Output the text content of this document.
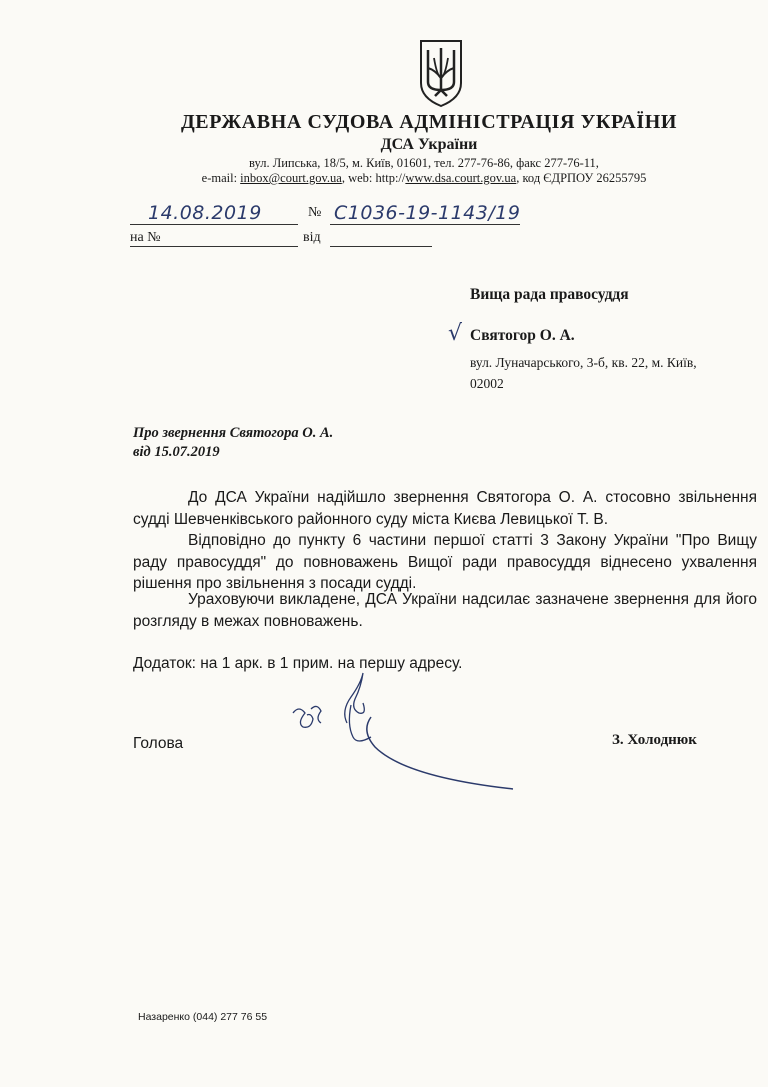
ДЕРЖАВНА СУДОВА АДМІНІСТРАЦІЯ УКРАЇНИ
ДСА України
вул. Липська, 18/5, м. Київ, 01601, тел. 277-76-86, факс 277-76-11,
e-mail: inbox@court.gov.ua, web: http://www.dsa.court.gov.ua, код ЄДРПОУ 26255795
14.08.2019	№ С1036-19-1143/19
на №	від
Вища рада правосуддя
√ Святогор О. А.
вул. Луначарського, 3-б, кв. 22, м. Київ,
02002
Про звернення Святогора О. А.
від 15.07.2019
До ДСА України надійшло звернення Святогора О. А. стосовно звільнення судді Шевченківського районного суду міста Києва Левицької Т. В.
Відповідно до пункту 6 частини першої статті 3 Закону України "Про Вищу раду правосуддя" до повноважень Вищої ради правосуддя віднесено ухвалення рішення про звільнення з посади судді.
Ураховуючи викладене, ДСА України надсилає зазначене звернення для його розгляду в межах повноважень.
Додаток: на 1 арк. в 1 прим. на першу адресу.
Голова	З. Холоднюк
Назаренко (044) 277 76 55
